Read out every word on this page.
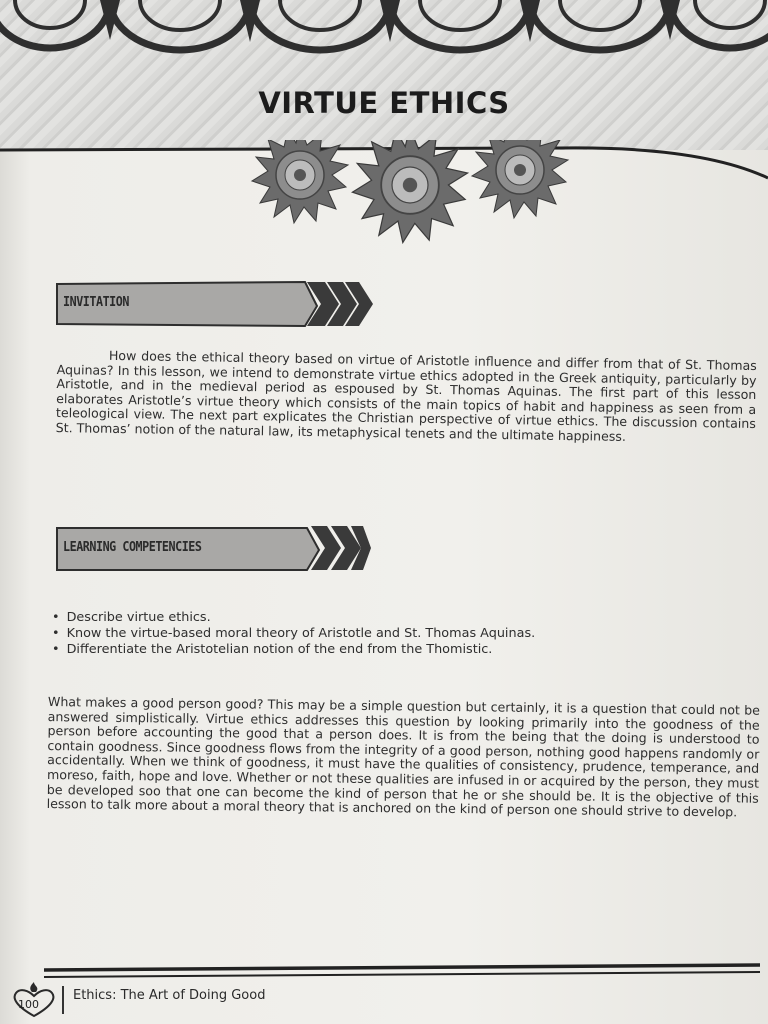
VIRTUE ETHICS
INVITATION

How does the ethical theory based on virtue of Aristotle influence and differ from that of St. Thomas Aquinas? In this lesson, we intend to demonstrate virtue ethics adopted in the Greek antiquity, particularly by Aristotle, and in the medieval period as espoused by St. Thomas Aquinas. The first part of this lesson elaborates Aristotle’s virtue theory which consists of the main topics of habit and happiness as seen from a teleological view. The next part explicates the Christian perspective of virtue ethics. The discussion contains St. Thomas’ notion of the natural law, its metaphysical tenets and the ultimate happiness.

LEARNING COMPETENCIES
• Describe virtue ethics.
• Know the virtue-based moral theory of Aristotle and St. Thomas Aquinas.
• Differentiate the Aristotelian notion of the end from the Thomistic.

What makes a good person good? This may be a simple question but certainly, it is a question that could not be answered simplistically. Virtue ethics addresses this question by looking primarily into the goodness of the person before accounting the good that a person does. It is from the being that the doing is understood to contain goodness. Since goodness flows from the integrity of a good person, nothing good happens randomly or accidentally. When we think of goodness, it must have the qualities of consistency, prudence, temperance, and moreso, faith, hope and love. Whether or not these qualities are infused in or acquired by the person, they must be developed soo that one can become the kind of person that he or she should be. It is the objective of this lesson to talk more about a moral theory that is anchored on the kind of person one should strive to develop.

100
Ethics: The Art of Doing Good
